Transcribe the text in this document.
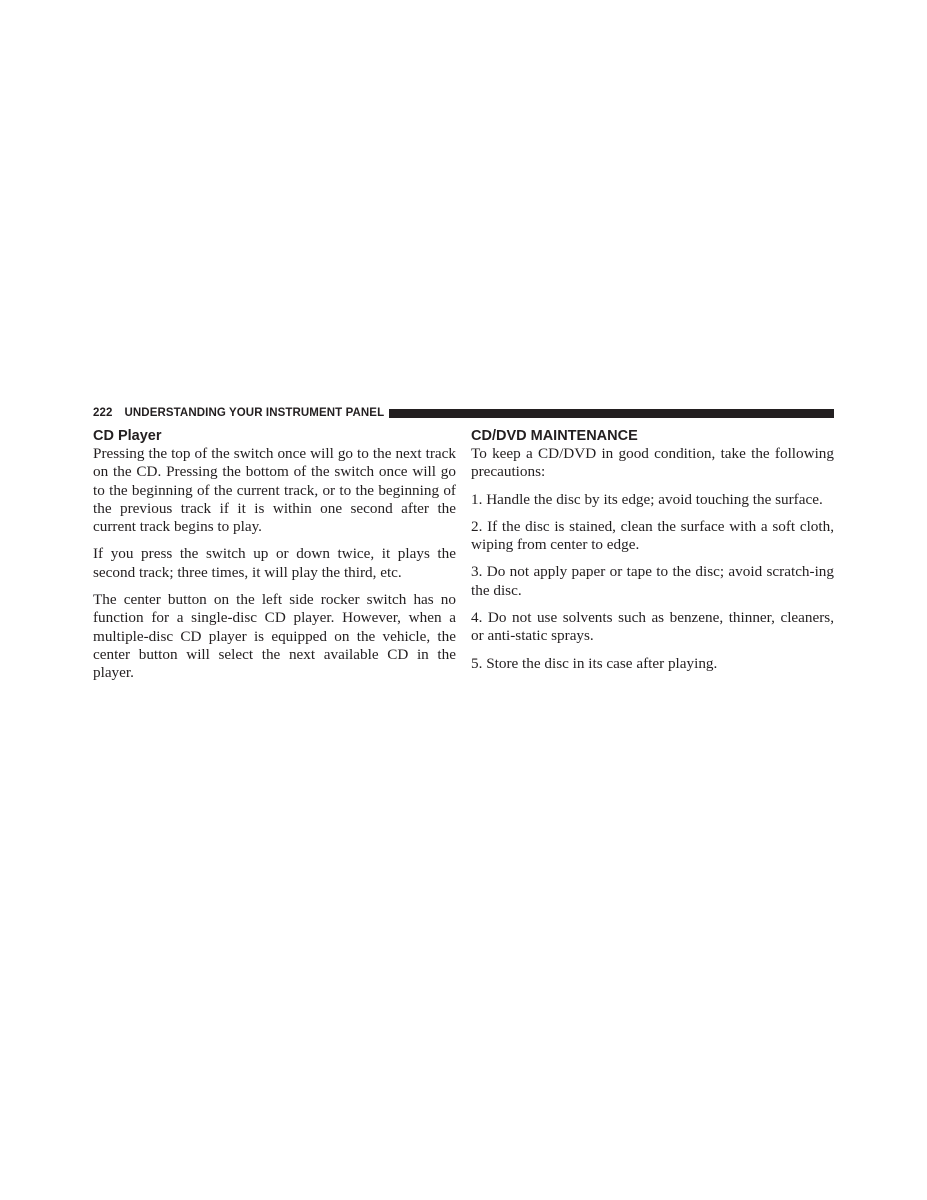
222 UNDERSTANDING YOUR INSTRUMENT PANEL
CD Player

Pressing the top of the switch once will go to the next track on the CD. Pressing the bottom of the switch once will go to the beginning of the current track, or to the beginning of the previous track if it is within one second after the current track begins to play.

If you press the switch up or down twice, it plays the second track; three times, it will play the third, etc.

The center button on the left side rocker switch has no function for a single-disc CD player. However, when a multiple-disc CD player is equipped on the vehicle, the center button will select the next available CD in the player.

CD/DVD MAINTENANCE

To keep a CD/DVD in good condition, take the following precautions:

1. Handle the disc by its edge; avoid touching the surface.

2. If the disc is stained, clean the surface with a soft cloth, wiping from center to edge.

3. Do not apply paper or tape to the disc; avoid scratch-ing the disc.

4. Do not use solvents such as benzene, thinner, cleaners, or anti-static sprays.

5. Store the disc in its case after playing.
